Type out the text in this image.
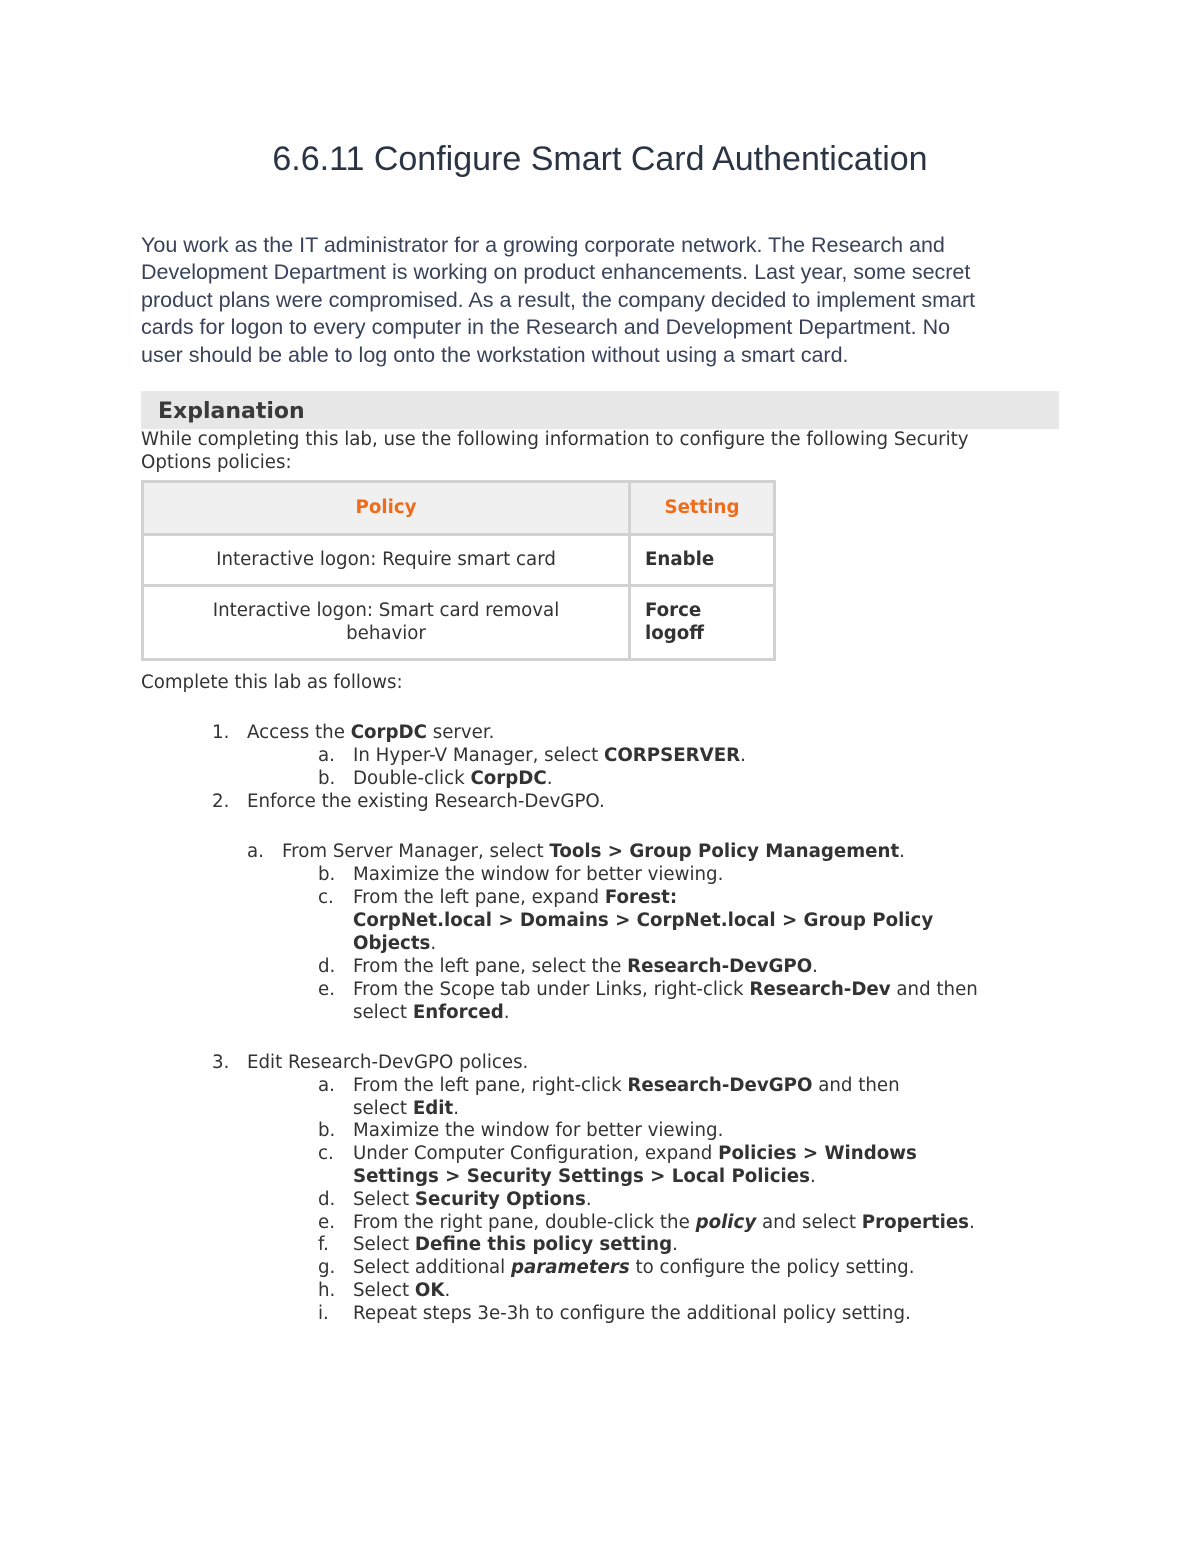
6.6.11 Configure Smart Card Authentication

You work as the IT administrator for a growing corporate network. The Research and
Development Department is working on product enhancements. Last year, some secret
product plans were compromised. As a result, the company decided to implement smart
cards for logon to every computer in the Research and Development Department. No
user should be able to log onto the workstation without using a smart card.

Explanation

While completing this lab, use the following information to configure the following Security
Options policies:

Policy	Setting
Interactive logon: Require smart card	Enable
Interactive logon: Smart card removal behavior	Force logoff

Complete this lab as follows:

1. Access the CorpDC server.

a. In Hyper-V Manager, select CORPSERVER.

b. Double-click CorpDC.

2. Enforce the existing Research-DevGPO.

a. From Server Manager, select Tools > Group Policy Management.

b. Maximize the window for better viewing.

c. From the left pane, expand Forest:

CorpNet.local > Domains > CorpNet.local > Group Policy

Objects.

d. From the left pane, select the Research-DevGPO.

e. From the Scope tab under Links, right-click Research-Dev and then

select Enforced.

3. Edit Research-DevGPO polices.

a. From the left pane, right-click Research-DevGPO and then

select Edit.

b. Maximize the window for better viewing.

c. Under Computer Configuration, expand Policies > Windows

Settings > Security Settings > Local Policies.

d. Select Security Options.

e. From the right pane, double-click the policy and select Properties.

f. Select Define this policy setting.

g. Select additional parameters to configure the policy setting.

h. Select OK.

i. Repeat steps 3e-3h to configure the additional policy setting.
